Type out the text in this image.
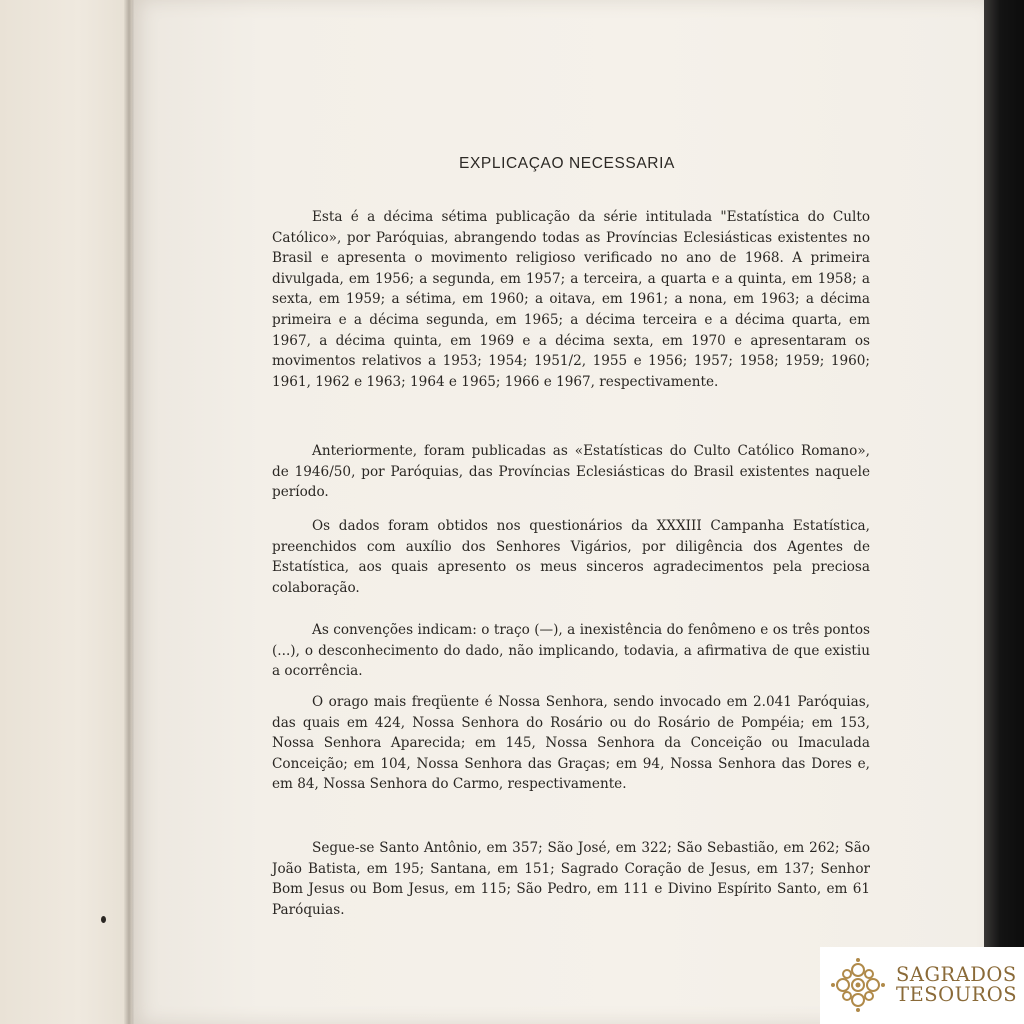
EXPLICAÇAO NECESSARIA

Esta é a décima sétima publicação da série intitulada "Estatística do Culto Católico», por Paróquias, abrangendo todas as Províncias Eclesiásticas existentes no Brasil e apresenta o movimento religioso verificado no ano de 1968. A primeira divulgada, em 1956; a segunda, em 1957; a terceira, a quarta e a quinta, em 1958; a sexta, em 1959; a sétima, em 1960; a oitava, em 1961; a nona, em 1963; a décima primeira e a décima segunda, em 1965; a décima terceira e a décima quarta, em 1967, a décima quinta, em 1969 e a décima sexta, em 1970 e apresentaram os movimentos relativos a 1953; 1954; 1951/2, 1955 e 1956; 1957; 1958; 1959; 1960; 1961, 1962 e 1963; 1964 e 1965; 1966 e 1967, respectivamente.

Anteriormente, foram publicadas as «Estatísticas do Culto Católico Romano», de 1946/50, por Paróquias, das Províncias Eclesiásticas do Brasil existentes naquele período.

Os dados foram obtidos nos questionários da XXXIII Campanha Estatística, preenchidos com auxílio dos Senhores Vigários, por diligência dos Agentes de Estatística, aos quais apresento os meus sinceros agradecimentos pela preciosa colaboração.

As convenções indicam: o traço (—), a inexistência do fenômeno e os três pontos (...), o desconhecimento do dado, não implicando, todavia, a afirmativa de que existiu a ocorrência.

O orago mais freqüente é Nossa Senhora, sendo invocado em 2.041 Paróquias, das quais em 424, Nossa Senhora do Rosário ou do Rosário de Pompéia; em 153, Nossa Senhora Aparecida; em 145, Nossa Senhora da Conceição ou Imaculada Conceição; em 104, Nossa Senhora das Graças; em 94, Nossa Senhora das Dores e, em 84, Nossa Senhora do Carmo, respectivamente.

Segue-se Santo Antônio, em 357; São José, em 322; São Sebastião, em 262; São João Batista, em 195; Santana, em 151; Sagrado Coração de Jesus, em 137; Senhor Bom Jesus ou Bom Jesus, em 115; São Pedro, em 111 e Divino Espírito Santo, em 61 Paróquias.

SAGRADOS
TESOUROS
